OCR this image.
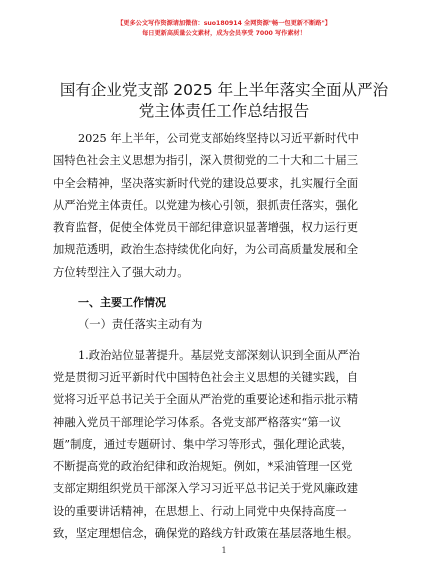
【更多公文写作资源请加微信：suo180914 全网资源"畅一包更新不断路"】
每日更新高质量公文素材，成为会员享受 7000 写作素材！
国有企业党支部 2025 年上半年落实全面从严治
党主体责任工作总结报告
2025 年上半年，公司党支部始终坚持以习近平新时代中
国特色社会主义思想为指引，深入贯彻党的二十大和二十届三
中全会精神，坚决落实新时代党的建设总要求，扎实履行全面
从严治党主体责任。以党建为核心引领，狠抓责任落实，强化
教育监督，促使全体党员干部纪律意识显著增强，权力运行更
加规范透明，政治生态持续优化向好，为公司高质量发展和全
方位转型注入了强大动力。
一、主要工作情况
（一）责任落实主动有为
1.政治站位显著提升。基层党支部深刻认识到全面从严治
党是贯彻习近平新时代中国特色社会主义思想的关键实践，自
觉将习近平总书记关于全面从严治党的重要论述和指示批示精
神融入党员干部理论学习体系。各党支部严格落实“第一议
题”制度，通过专题研讨、集中学习等形式，强化理论武装，
不断提高党的政治纪律和政治规矩。例如，*采油管理一区党
支部定期组织党员干部深入学习习近平总书记关于党风廉政建
设的重要讲话精神，在思想上、行动上同党中央保持高度一
致，坚定理想信念，确保党的路线方针政策在基层落地生根。
1
